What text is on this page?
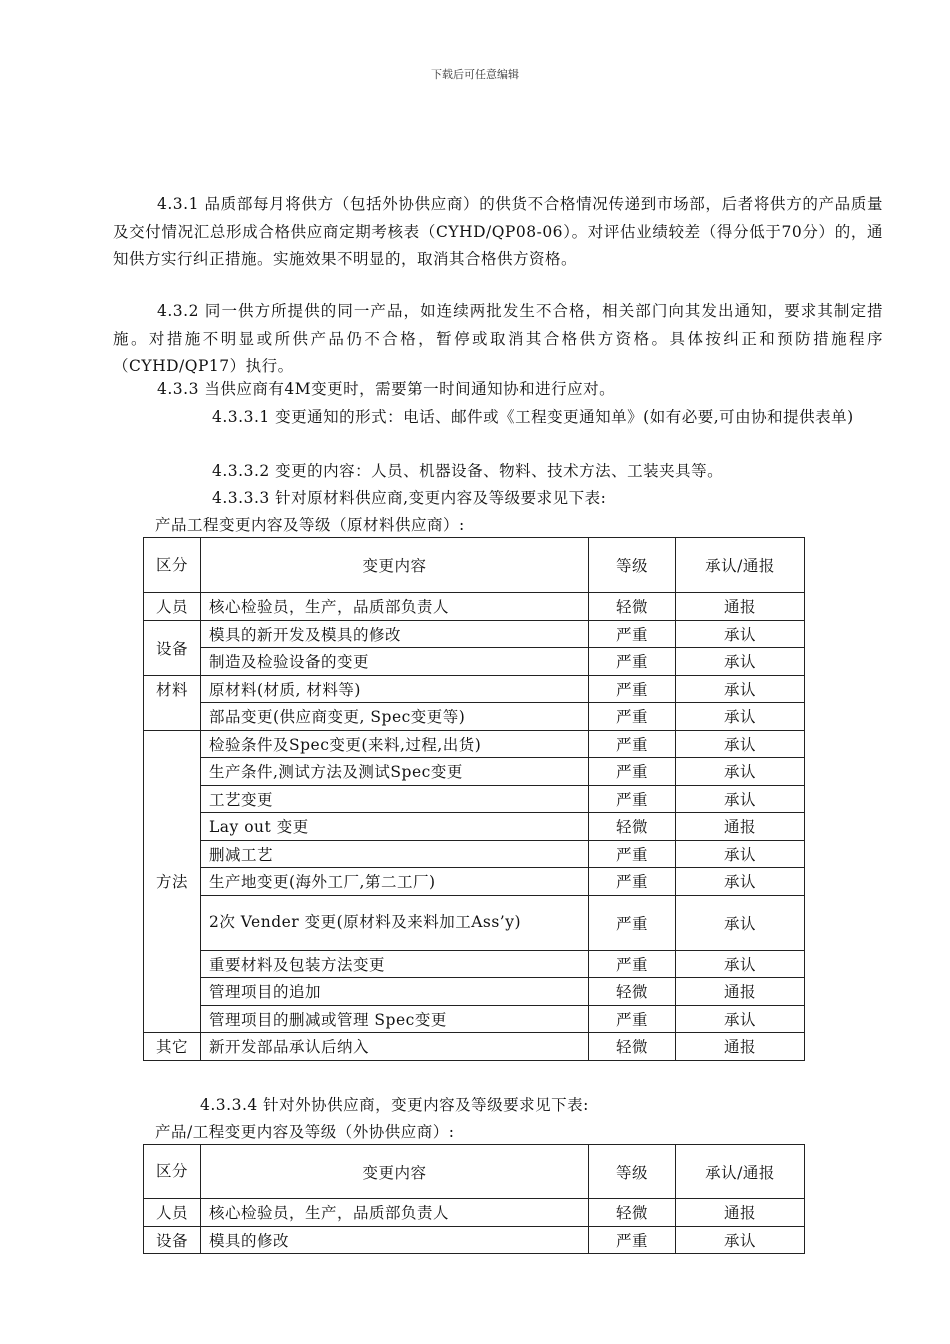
下载后可任意编辑

4.3.1 品质部每月将供方（包括外协供应商）的供货不合格情况传递到市场部，后者将供方的产品质量及交付情况汇总形成合格供应商定期考核表（CYHD/QP08-06）。对评估业绩较差（得分低于70分）的，通知供方实行纠正措施。实施效果不明显的，取消其合格供方资格。

4.3.2 同一供方所提供的同一产品，如连续两批发生不合格，相关部门向其发出通知，要求其制定措施。对措施不明显或所供产品仍不合格，暂停或取消其合格供方资格。具体按纠正和预防措施程序（CYHD/QP17）执行。

4.3.3 当供应商有4M变更时，需要第一时间通知协和进行应对。

4.3.3.1 变更通知的形式：电话、邮件或《工程变更通知单》(如有必要,可由协和提供表单)

4.3.3.2 变更的内容：人员、机器设备、物料、技术方法、工装夹具等。

4.3.3.3 针对原材料供应商,变更内容及等级要求见下表:

产品工程变更内容及等级（原材料供应商）:

区分	变更内容	等级	承认/通报
人员	核心检验员，生产，品质部负责人	轻微	通报
设备	模具的新开发及模具的修改	严重	承认
	制造及检验设备的变更	严重	承认
材料	原材料(材质, 材料等)	严重	承认
	部品变更(供应商变更, Spec变更等)	严重	承认
方法	检验条件及Spec变更(来料,过程,出货)	严重	承认
	生产条件,测试方法及测试Spec变更	严重	承认
	工艺变更	严重	承认
	Lay out 变更	轻微	通报
	删减工艺	严重	承认
	生产地变更(海外工厂,第二工厂)	严重	承认
	2次 Vender 变更(原材料及来料加工Ass’y)	严重	承认
	重要材料及包装方法变更	严重	承认
	管理项目的追加	轻微	通报
	管理项目的删减或管理 Spec变更	严重	承认
其它	新开发部品承认后纳入	轻微	通报

4.3.3.4 针对外协供应商，变更内容及等级要求见下表:

产品/工程变更内容及等级（外协供应商）:

区分	变更内容	等级	承认/通报
人员	核心检验员，生产，品质部负责人	轻微	通报
设备	模具的修改	严重	承认
